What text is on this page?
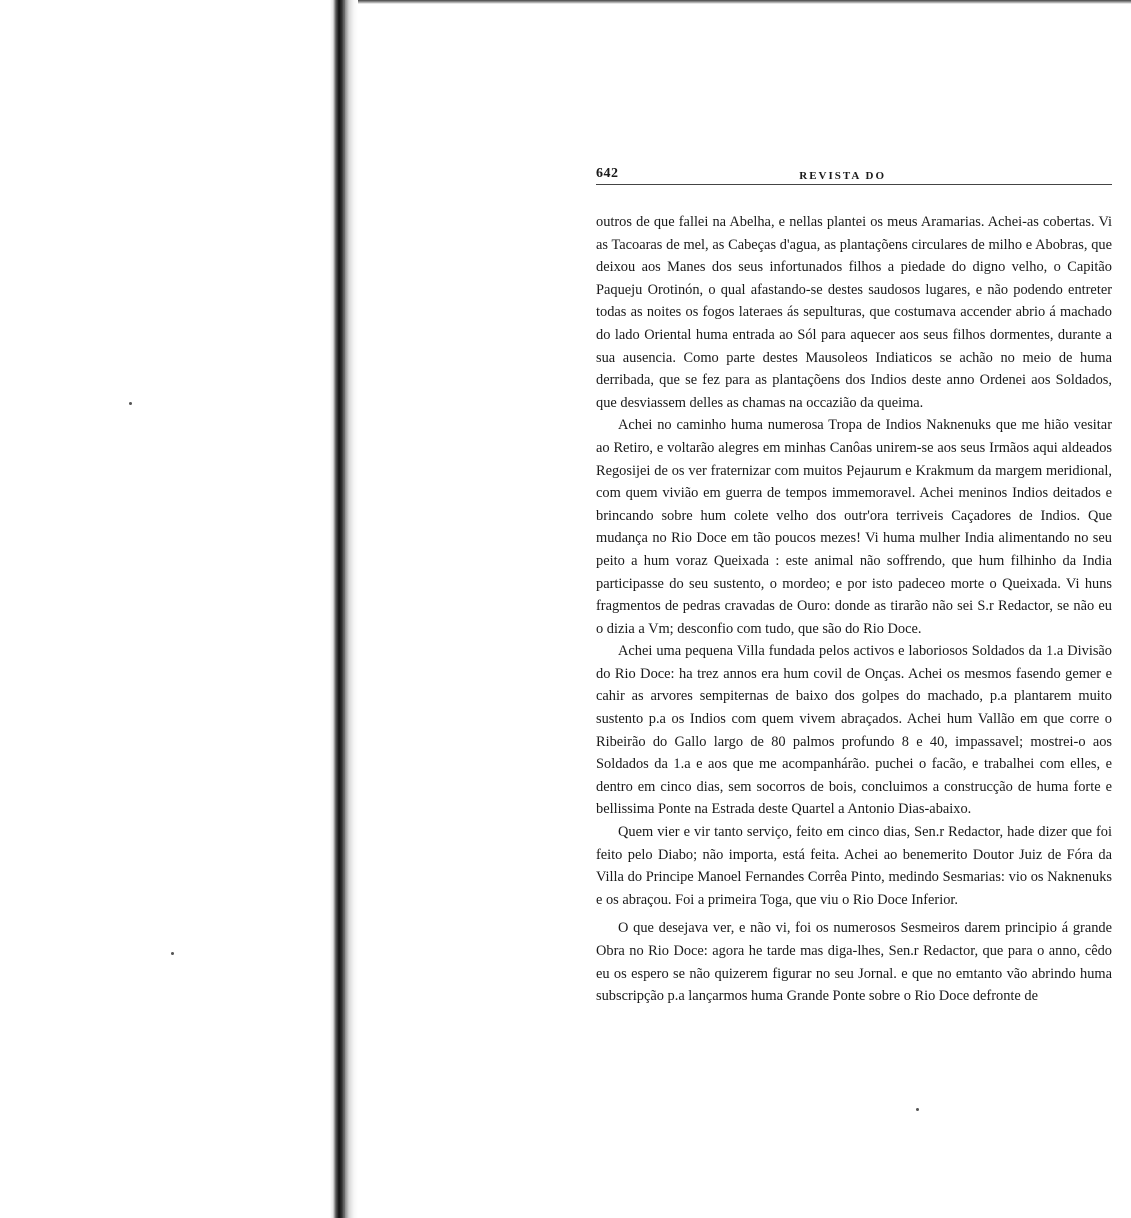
642	REVISTA DO

outros de que fallei na Abelha, e nellas plantei os meus Aramarias. Achei-as cobertas. Vi as Tacoaras de mel, as Cabeças d'agua, as plantaçõens circulares de milho e Abobras, que deixou aos Manes dos seus infortunados filhos a piedade do digno velho, o Capitão Paqueju Orotinón, o qual afastando-se destes saudosos lugares, e não podendo entreter todas as noites os fogos lateraes ás sepulturas, que costumava accender abrio á machado do lado Oriental huma entrada ao Sól para aquecer aos seus filhos dormentes, durante a sua ausencia. Como parte destes Mausoleos Indiaticos se achão no meio de huma derribada, que se fez para as plantaçõens dos Indios deste anno Ordenei aos Soldados, que desviassem delles as chamas na occazião da queima.

Achei no caminho huma numerosa Tropa de Indios Naknenuks que me hião vesitar ao Retiro, e voltarão alegres em minhas Canôas unirem-se aos seus Irmãos aqui aldeados Regosijei de os ver fraternizar com muitos Pejaurum e Krakmum da margem meridional, com quem vivião em guerra de tempos immemoravel. Achei meninos Indios deitados e brincando sobre hum colete velho dos outr'ora terriveis Caçadores de Indios. Que mudança no Rio Doce em tão poucos mezes! Vi huma mulher India alimentando no seu peito a hum voraz Queixada : este animal não soffrendo, que hum filhinho da India participasse do seu sustento, o mordeo; e por isto padeceo morte o Queixada. Vi huns fragmentos de pedras cravadas de Ouro: donde as tirarão não sei S.r Redactor, se não eu o dizia a Vm; desconfio com tudo, que são do Rio Doce.

Achei uma pequena Villa fundada pelos activos e laboriosos Soldados da 1.a Divisão do Rio Doce: ha trez annos era hum covil de Onças. Achei os mesmos fasendo gemer e cahir as arvores sempiternas de baixo dos golpes do machado, p.a plantarem muito sustento p.a os Indios com quem vivem abraçados. Achei hum Vallão em que corre o Ribeirão do Gallo largo de 80 palmos profundo 8 e 40, impassavel; mostrei-o aos Soldados da 1.a e aos que me acompanhárão. puchei o facão, e trabalhei com elles, e dentro em cinco dias, sem socorros de bois, concluimos a construcção de huma forte e bellissima Ponte na Estrada deste Quartel a Antonio Dias-abaixo.

Quem vier e vir tanto serviço, feito em cinco dias, Sen.r Redactor, hade dizer que foi feito pelo Diabo; não importa, está feita. Achei ao benemerito Doutor Juiz de Fóra da Villa do Principe Manoel Fernandes Corrêa Pinto, medindo Sesmarias: vio os Naknenuks e os abraçou. Foi a primeira Toga, que viu o Rio Doce Inferior.

O que desejava ver, e não vi, foi os numerosos Sesmeiros darem principio á grande Obra no Rio Doce: agora he tarde mas diga-lhes, Sen.r Redactor, que para o anno, cêdo eu os espero se não quizerem figurar no seu Jornal. e que no emtanto vão abrindo huma subscripção p.a lançarmos huma Grande Ponte sobre o Rio Doce defronte de
